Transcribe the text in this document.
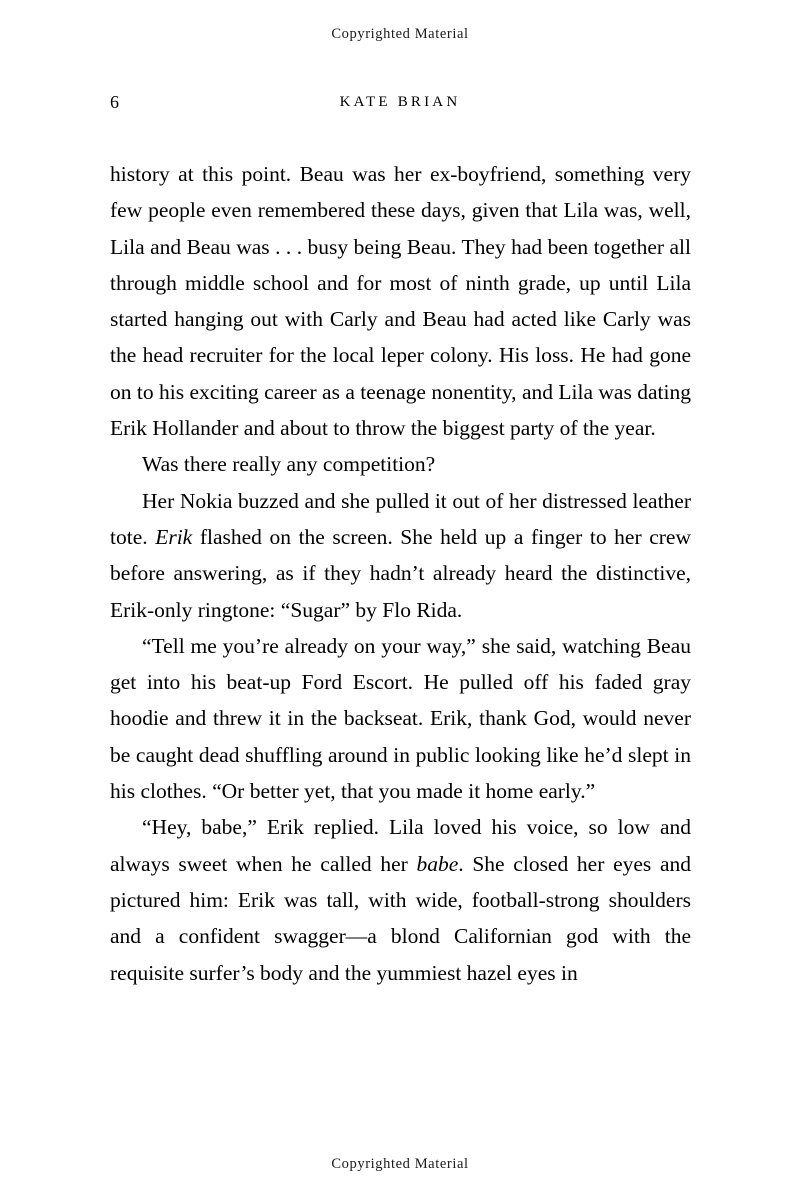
Copyrighted Material
6	KATE BRIAN

history at this point. Beau was her ex-boyfriend, something very few people even remembered these days, given that Lila was, well, Lila and Beau was . . . busy being Beau. They had been together all through middle school and for most of ninth grade, up until Lila started hanging out with Carly and Beau had acted like Carly was the head recruiter for the local leper colony. His loss. He had gone on to his exciting career as a teenage nonentity, and Lila was dating Erik Hollander and about to throw the biggest party of the year.

Was there really any competition?

Her Nokia buzzed and she pulled it out of her distressed leather tote. Erik flashed on the screen. She held up a finger to her crew before answering, as if they hadn’t already heard the distinctive, Erik-only ringtone: “Sugar” by Flo Rida.

“Tell me you’re already on your way,” she said, watching Beau get into his beat-up Ford Escort. He pulled off his faded gray hoodie and threw it in the backseat. Erik, thank God, would never be caught dead shuffling around in public looking like he’d slept in his clothes. “Or better yet, that you made it home early.”

“Hey, babe,” Erik replied. Lila loved his voice, so low and always sweet when he called her babe. She closed her eyes and pictured him: Erik was tall, with wide, football-strong shoulders and a confident swagger—a blond Californian god with the requisite surfer’s body and the yummiest hazel eyes in

Copyrighted Material
